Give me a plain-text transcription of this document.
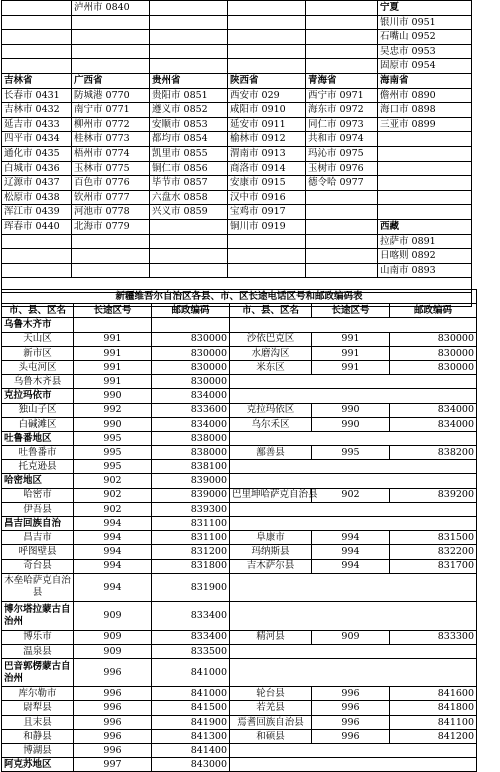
	泸州市 0840				宁夏
					银川市 0951
					石嘴山 0952
					吴忠市 0953
					固原市 0954
吉林省	广西省	贵州省	陕西省	青海省	海南省
长春市 0431	防城港 0770	贵阳市 0851	西安市 029	西宁市 0971	儋州市 0890
吉林市 0432	南宁市 0771	遵义市 0852	咸阳市 0910	海东市 0972	海口市 0898
延吉市 0433	柳州市 0772	安顺市 0853	延安市 0911	同仁市 0973	三亚市 0899
四平市 0434	桂林市 0773	都均市 0854	榆林市 0912	共和市 0974	
通化市 0435	梧州市 0774	凯里市 0855	渭南市 0913	玛沁市 0975	
白城市 0436	玉林市 0775	铜仁市 0856	商洛市 0914	玉树市 0976	
辽源市 0437	百色市 0776	毕节市 0857	安康市 0915	德令哈 0977	
松原市 0438	钦州市 0777	六盘水 0858	汉中市 0916		
浑江市 0439	河池市 0778	兴义市 0859	宝鸡市 0917		
珲春市 0440	北海市 0779		铜川市 0919		西藏
					拉萨市 0891
					日喀则 0892
					山南市 0893

新疆维吾尔自治区各县、市、区长途电话区号和邮政编码表					
市、县、区名	长途区号	邮政编码	市、县、区名	长途区号	邮政编码
乌鲁木齐市					
天山区	991	830000	沙依巴克区	991	830000
新市区	991	830000	水磨沟区	991	830000
头屯河区	991	830000	米东区	991	830000
乌鲁木齐县	991	830000			
克拉玛依市	990	834000			
独山子区	992	833600	克拉玛依区	990	834000
白碱滩区	990	834000	乌尔禾区	990	834000
吐鲁番地区	995	838000			
吐鲁番市	995	838000	鄯善县	995	838200
托克逊县	995	838100			
哈密地区	902	839000			
哈密市	902	839000	巴里坤哈萨克自治县	902	839200
伊吾县	902	839300			
昌吉回族自治	994	831100			
昌吉市	994	831100	阜康市	994	831500
呼图壁县	994	831200	玛纳斯县	994	832200
奇台县	994	831800	吉木萨尔县	994	831700
木垒哈萨克自治县	994	831900			
博尔塔拉蒙古自治州	909	833400			
博乐市	909	833400	精河县	909	833300
温泉县	909	833500			
巴音郭楞蒙古自治州	996	841000			
库尔勒市	996	841000	轮台县	996	841600
尉犁县	996	841500	若羌县	996	841800
且末县	996	841900	焉耆回族自治县	996	841100
和静县	996	841300	和硕县	996	841200
博湖县	996	841400			
阿克苏地区	997	843000			
